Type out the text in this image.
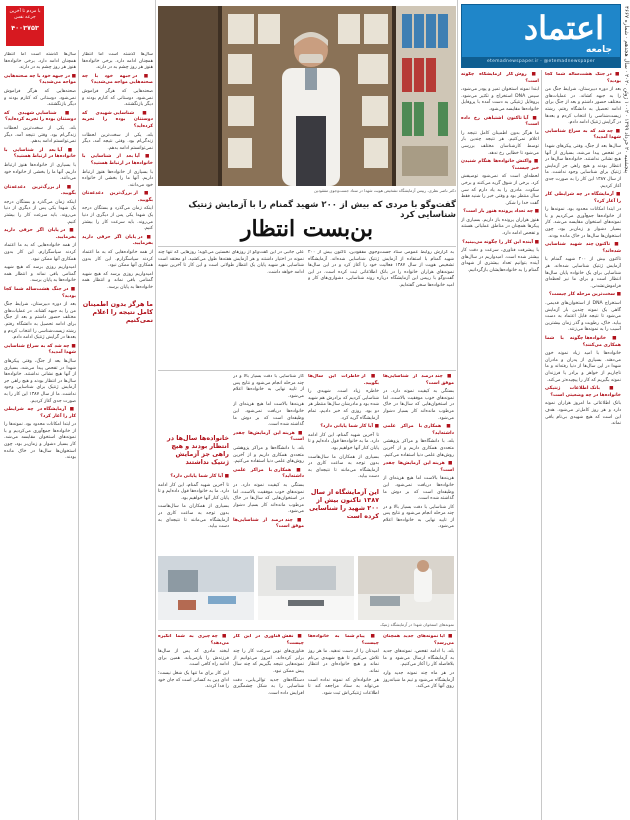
با مردم تا آخرین جرعه نفس
۴۰۰۳۷۵۳	اعتماد
جامعه
etemadnewspaper.ir · @etemadnewspaper
پنجشنبه ۲۰ خرداد ۱۳۹۹ · ۱۰۰۲ ژوئن ۲۰۲۰ · سال هجدهم · شماره ۴۶۶۷
دکتر ناصر نظری، رییس آزمایشگاه تشخیص هویت شهدا در ستاد جست‌وجوی مفقودین
گفت‌وگو با مردی که بیش از ۲۰۰ شهید گمنام را با آزمایش ژنتیک شناسایی کرد
بن‌بست انتظار

■ در جنگ هشت‌ساله شما کجا بودید؟

بعد از دوره دبیرستان، شرایط جنگ من را به جبهه کشاند. در عملیات‌های مختلف حضور داشتم و بعد از جنگ برای ادامه تحصیل به دانشگاه رفتم. رشته زیست‌شناسی را انتخاب کردم و بعدها در گرایش ژنتیک ادامه دادم.

■ چه شد که به سراغ شناسایی شهدا آمدید؟

سال‌ها بعد از جنگ، وقتی پیکرهای شهدا در تفحص پیدا می‌شد، بسیاری از آنها هیچ نشانی نداشتند. خانواده‌ها سال‌ها در انتظار بودند و هیچ راهی جز آزمایش ژنتیک برای شناسایی وجود نداشت. ما از سال ۱۳۸۷ این کار را به صورت جدی آغاز کردیم.

■ آزمایشگاه در چه شرایطی کار را آغاز کرد؟

در ابتدا امکانات محدود بود. نمونه‌ها را از خانواده‌ها جمع‌آوری می‌کردیم و با نمونه‌های استخوان مقایسه می‌شد. کار بسیار دشوار و زمان‌بر بود، چون استخوان‌ها سال‌ها در خاک مانده بودند.

■ تاکنون چند شهید شناسایی شده‌اند؟

تاکنون بیش از ۲۰۰ شهید گمنام با آزمایش ژنتیک شناسایی شده‌اند. هر شناسایی برای یک خانواده پایان سال‌ها انتظار است و برای ما نیز لحظه‌ای فراموش‌نشدنی.

■ سخت‌ترین مرحله کار چیست؟

استخراج DNA از استخوان‌های قدیمی. گاهی یک نمونه چندین بار آزمایش می‌شود تا نتیجه قابل اعتماد به دست بیاید. خاک، رطوبت و گذر زمان بیشترین آسیب را به نمونه‌ها می‌زنند.

■ خانواده‌ها چگونه با شما همکاری می‌کنند؟

خانواده‌ها با امید زیاد نمونه خون می‌دهند. بسیاری از پدران و مادران شهدا در این سال‌ها از دنیا رفته‌اند و ما ناچاریم از خواهر و برادر یا فرزندان نمونه بگیریم که کار را پیچیده‌تر می‌کند.

■ بانک اطلاعات ژنتیکی خانواده‌ها در چه وضعیتی است؟

بانک اطلاعاتی ما امروز هزاران نمونه دارد و هر روز کامل‌تر می‌شود. هدف این است که هیچ شهیدی بی‌نام باقی نماند.

■ روش کار آزمایشگاه چگونه است؟

ابتدا نمونه استخوان تمیز و پودر می‌شود، سپس DNA استخراج و تکثیر می‌شود. پروفایل ژنتیکی به دست آمده با پروفایل خانواده‌ها مقایسه می‌شود.

■ آیا تاکنون اشتباهی رخ داده است؟

ما هرگز بدون اطمینان کامل نتیجه را اعلام نمی‌کنیم. هر نتیجه چندین بار توسط کارشناسان مختلف بررسی می‌شود تا خطایی رخ ندهد.

■ واکنش خانواده‌ها هنگام شنیدن خبر چیست؟

لحظه‌ای است که نمی‌شود توصیفش کرد. برخی از شوق گریه می‌کنند و برخی سکوت. مادری را به یاد دارم که سی سال منتظر بود و وقتی خبر را شنید فقط گفت خدا را شکر.

■ چه تعداد پرونده هنوز باز است؟

هنوز هزاران پرونده باز داریم. بسیاری از پیکرها همچنان در مناطق عملیاتی هستند و تفحص ادامه دارد.

■ آینده این کار را چگونه می‌بینید؟

با پیشرفت فناوری، سرعت و دقت کار بیشتر شده است. امیدواریم در سال‌های آینده بتوانیم تعداد بیشتری از شهدای گمنام را به خانواده‌هایشان بازگردانیم.

به گزارش روابط عمومی ستاد جست‌وجوی مفقودین، تاکنون بیش از ۲۰۰ شهید گمنام با استفاده از آزمایش ژنتیک شناسایی شده‌اند. آزمایشگاه تشخیص هویت از سال ۱۳۸۷ فعالیت خود را آغاز کرد و در این سال‌ها نمونه‌های هزاران خانواده را در بانک اطلاعاتی ثبت کرده است. در این گفت‌وگو با رییس این آزمایشگاه درباره روند شناسایی، دشواری‌های کار و امید خانواده‌ها سخن گفته‌ایم.

علی جانبی در این گفت‌وگو از روزهای نخستین می‌گوید؛ روزهایی که تنها چند نمونه در اختیار داشتند و هر آزمایش هفته‌ها طول می‌کشید. او معتقد است شناسایی هر شهید پایان یک انتظار طولانی است و این کار تا آخرین شهید ادامه خواهد داشت.

■ چند درصد از شناسایی‌ها موفق است؟

بستگی به کیفیت نمونه دارد. در نمونه‌های خوب موفقیت بالاست، اما در استخوان‌هایی که سال‌ها در خاک مرطوب مانده‌اند کار بسیار دشوار می‌شود.

■ همکاری با مراکز علمی داشته‌اید؟

بله، با دانشگاه‌ها و مراکز پژوهشی متعددی همکاری داریم و از آخرین روش‌های علمی دنیا استفاده می‌کنیم.

■ هزینه این آزمایش‌ها چقدر است؟

هزینه‌ها بالاست اما هیچ هزینه‌ای از خانواده‌ها دریافت نمی‌شود. این وظیفه‌ای است که بر دوش ما گذاشته شده است.

کار شناسایی با دقت بسیار بالا و در چند مرحله انجام می‌شود و نتایج پس از تایید نهایی به خانواده‌ها اعلام می‌شود.

■ از خاطرات این سال‌ها بگویید.

خاطره زیاد است. شهیدی را شناسایی کردیم که برادرش هم شهید شده بود و مادرشان سال‌ها منتظر هر دو بود. روزی که خبر دادیم، تمام آزمایشگاه گریه کرد.

■ آیا کار شما پایانی دارد؟

تا آخرین شهید گمنام، این کار ادامه دارد. ما به خانواده‌ها قول داده‌ایم و تا پایان کنار آنها خواهیم بود.

بسیاری از همکاران ما سال‌هاست بدون توجه به ساعت کاری در آزمایشگاه می‌مانند تا نتیجه‌ای به دست بیاید.

این آزمایشگاه از سال ۱۳۸۷ تاکنون بیش از ۲۰۰ شهید را شناسایی کرده است

کار شناسایی با دقت بسیار بالا و در چند مرحله انجام می‌شود و نتایج پس از تایید نهایی به خانواده‌ها اعلام می‌شود.

هزینه‌ها بالاست اما هیچ هزینه‌ای از خانواده‌ها دریافت نمی‌شود. این وظیفه‌ای است که بر دوش ما گذاشته شده است.

■ هزینه این آزمایش‌ها چقدر است؟

بله، با دانشگاه‌ها و مراکز پژوهشی متعددی همکاری داریم و از آخرین روش‌های علمی دنیا استفاده می‌کنیم.

■ همکاری با مراکز علمی داشته‌اید؟

بستگی به کیفیت نمونه دارد. در نمونه‌های خوب موفقیت بالاست، اما در استخوان‌هایی که سال‌ها در خاک مرطوب مانده‌اند کار بسیار دشوار می‌شود.

■ چند درصد از شناسایی‌ها موفق است؟

خانواده‌ها سال‌ها در انتظار بودند و هیچ راهی جز آزمایش ژنتیک نداشتند

■ آیا کار شما پایانی دارد؟

تا آخرین شهید گمنام، این کار ادامه دارد. ما به خانواده‌ها قول داده‌ایم و تا پایان کنار آنها خواهیم بود.

بسیاری از همکاران ما سال‌هاست بدون توجه به ساعت کاری در آزمایشگاه می‌مانند تا نتیجه‌ای به دست بیاید.

نمونه‌های استخوان شهدا در آزمایشگاه ژنتیک

■ آیا نمونه‌های جدید همچنان می‌رسد؟

بله، با ادامه تفحص، نمونه‌های جدید به آزمایشگاه ارسال می‌شود و ما بلافاصله کار را آغاز می‌کنیم.

در هر ماه چند نمونه جدید وارد آزمایشگاه می‌شود و تیم ما شبانه‌روز روی آنها کار می‌کند.

■ پیام شما به خانواده‌ها چیست؟

امیدتان را از دست ندهید. ما هر روز تلاش می‌کنیم تا هیچ شهیدی بی‌نام نماند و هیچ خانواده‌ای در انتظار نماند.

هر خانواده‌ای که نمونه نداده است می‌تواند به ستاد مراجعه کند تا اطلاعات ژنتیکی‌اش ثبت شود.

■ نقش فناوری در این کار چیست؟

فناوری‌های نوین سرعت کار را چند برابر کرده‌اند. امروز می‌توانیم از نمونه‌هایی نتیجه بگیریم که چند سال پیش ممکن نبود.

دستگاه‌های جدید توالی‌یابی، دقت شناسایی را به شکل چشمگیری افزایش داده است.

■ چه چیزی به شما انگیزه می‌دهد؟

لبخند مادری که پس از سال‌ها فرزندش را بازمی‌یابد. همین برای ادامه راه کافی است.

این کار برای ما تنها یک شغل نیست؛ ادای دِین به کسانی است که جان خود را فدا کردند.

سال‌ها گذشته است اما انتظار همچنان ادامه دارد. برخی خانواده‌ها هنوز هر روز چشم به در دارند.

■ در جبهه خود با چه صحنه‌هایی مواجه می‌شدید؟

صحنه‌هایی که هرگز فراموش نمی‌شود. دوستانی که کنارم بودند و دیگر بازنگشتند.

■ شناسایی شهیدی که دوستتان بوده را تجربه کرده‌اید؟

بله، یکی از سخت‌ترین لحظات زندگی‌ام بود. وقتی نتیجه آمد، دیگر نمی‌توانستم ادامه بدهم.

■ آیا بعد از شناسایی با خانواده‌ها در ارتباط هستید؟

با بسیاری از خانواده‌ها هنوز ارتباط داریم. آنها ما را بخشی از خانواده خود می‌دانند.

■ از بزرگ‌ترین دغدغه‌تان بگویید.

اینکه زمان می‌گذرد و بستگان درجه یک شهدا یکی پس از دیگری از دنیا می‌روند. باید سرعت کار را بیشتر کنیم.

■ در پایان اگر حرفی دارید بفرمایید.

از همه خانواده‌هایی که به ما اعتماد کردند سپاسگزارم. این کار بدون همکاری آنها ممکن نبود.

امیدواریم روزی برسد که هیچ شهید گمنامی باقی نماند و انتظار همه خانواده‌ها به پایان برسد.

سال‌ها گذشته است اما انتظار همچنان ادامه دارد. برخی خانواده‌ها هنوز هر روز چشم به در دارند.

■ در جبهه خود با چه صحنه‌هایی مواجه می‌شدید؟

صحنه‌هایی که هرگز فراموش نمی‌شود. دوستانی که کنارم بودند و دیگر بازنگشتند.

■ شناسایی شهیدی که دوستتان بوده را تجربه کرده‌اید؟

بله، یکی از سخت‌ترین لحظات زندگی‌ام بود. وقتی نتیجه آمد، دیگر نمی‌توانستم ادامه بدهم.

■ آیا بعد از شناسایی با خانواده‌ها در ارتباط هستید؟

با بسیاری از خانواده‌ها هنوز ارتباط داریم. آنها ما را بخشی از خانواده خود می‌دانند.

■ از بزرگ‌ترین دغدغه‌تان بگویید.

اینکه زمان می‌گذرد و بستگان درجه یک شهدا یکی پس از دیگری از دنیا می‌روند. باید سرعت کار را بیشتر کنیم.

■ در پایان اگر حرفی دارید بفرمایید.

از همه خانواده‌هایی که به ما اعتماد کردند سپاسگزارم. این کار بدون همکاری آنها ممکن نبود.

امیدواریم روزی برسد که هیچ شهید گمنامی باقی نماند و انتظار همه خانواده‌ها به پایان برسد.

■ در جنگ هشت‌ساله شما کجا بودید؟

بعد از دوره دبیرستان، شرایط جنگ من را به جبهه کشاند. در عملیات‌های مختلف حضور داشتم و بعد از جنگ برای ادامه تحصیل به دانشگاه رفتم. رشته زیست‌شناسی را انتخاب کردم و بعدها در گرایش ژنتیک ادامه دادم.

■ چه شد که به سراغ شناسایی شهدا آمدید؟

سال‌ها بعد از جنگ، وقتی پیکرهای شهدا در تفحص پیدا می‌شد، بسیاری از آنها هیچ نشانی نداشتند. خانواده‌ها سال‌ها در انتظار بودند و هیچ راهی جز آزمایش ژنتیک برای شناسایی وجود نداشت. ما از سال ۱۳۸۷ این کار را به صورت جدی آغاز کردیم.

■ آزمایشگاه در چه شرایطی کار را آغاز کرد؟

در ابتدا امکانات محدود بود. نمونه‌ها را از خانواده‌ها جمع‌آوری می‌کردیم و با نمونه‌های استخوان مقایسه می‌شد. کار بسیار دشوار و زمان‌بر بود، چون استخوان‌ها سال‌ها در خاک مانده بودند.

ما هرگز بدون اطمینان کامل نتیجه را اعلام نمی‌کنیم
